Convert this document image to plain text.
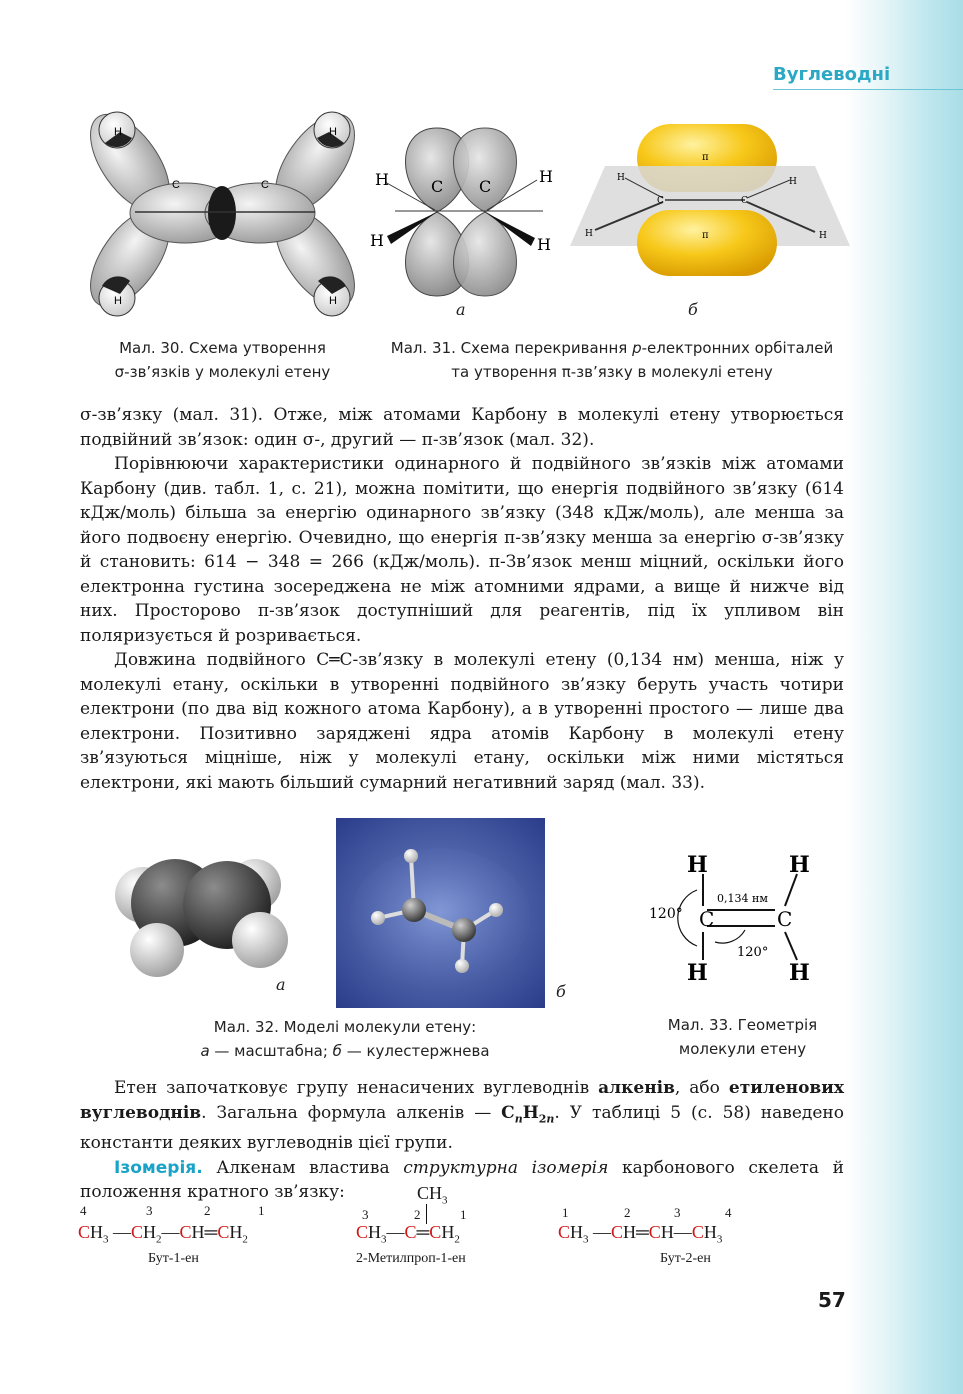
Вуглеводні
H	H
H	H
C	C
Мал. 30. Схема утворення
σ-зв’язків у молекулі етену
H	H
H	H
C C
а
π
π
C	C
H	H
H	H
б
Мал. 31. Схема перекривання p-електронних орбіталей
та утворення π-зв’язку в молекулі етену

σ-зв’язку (мал. 31). Отже, між атомами Карбону в молекулі етену утворюється подвійний зв’язок: один σ-, другий — π-зв’язок (мал. 32).

Порівнюючи характеристики одинарного й подвійного зв’язків між атомами Карбону (див. табл. 1, с. 21), можна помітити, що енергія подвійного зв’язку (614 кДж/моль) більша за енергію одинарного зв’язку (348 кДж/моль), але менша за його подвоєну енергію. Очевидно, що енергія π-зв’язку менша за енергію σ-зв’язку й становить: 614 − 348 = 266 (кДж/моль). π-Зв’язок менш міцний, оскільки його електронна густина зосереджена не між атомними ядрами, а вище й нижче від них. Просторово π-зв’язок доступніший для реагентів, під їх упливом він поляризується й розривається.

Довжина подвійного C═C-зв’язку в молекулі етену (0,134 нм) менша, ніж у молекулі етану, оскільки в утворенні подвійного зв’язку беруть участь чотири електрони (по два від кожного атома Карбону), а в утворенні простого — лише два електрони. Позитивно заряджені ядра атомів Карбону в молекулі етену зв’язуються міцніше, ніж у молекулі етану, оскільки між ними містяться електрони, які мають більший сумарний негативний заряд (мал. 33).

а	б
Мал. 32. Моделі молекули етену:
а — масштабна; б — кулестержнева
H	H
H	H
C	C
0,134 нм
120°
120°
Мал. 33. Геометрія
молекули етену

Етен започатковує групу ненасичених вуглеводнів алкенів, або етиленових вуглеводнів. Загальна формула алкенів — $C_nH_{2n}$. У таблиці 5 (с. 58) наведено константи деяких вуглеводнів цієї групи.

Ізомерія. Алкенам властива структурна ізомерія карбонового скелета й положення кратного зв’язку:

4	3	2	1
$CH_3$ $—CH_2—CH═CH_2$
Бут-1-ен
$CH_3$
3	2	1
$CH_3—C═CH_2$
2-Метилпроп-1-ен
1	2	3	4
$CH_3$ $—CH═CH—CH_3$
Бут-2-ен
57
